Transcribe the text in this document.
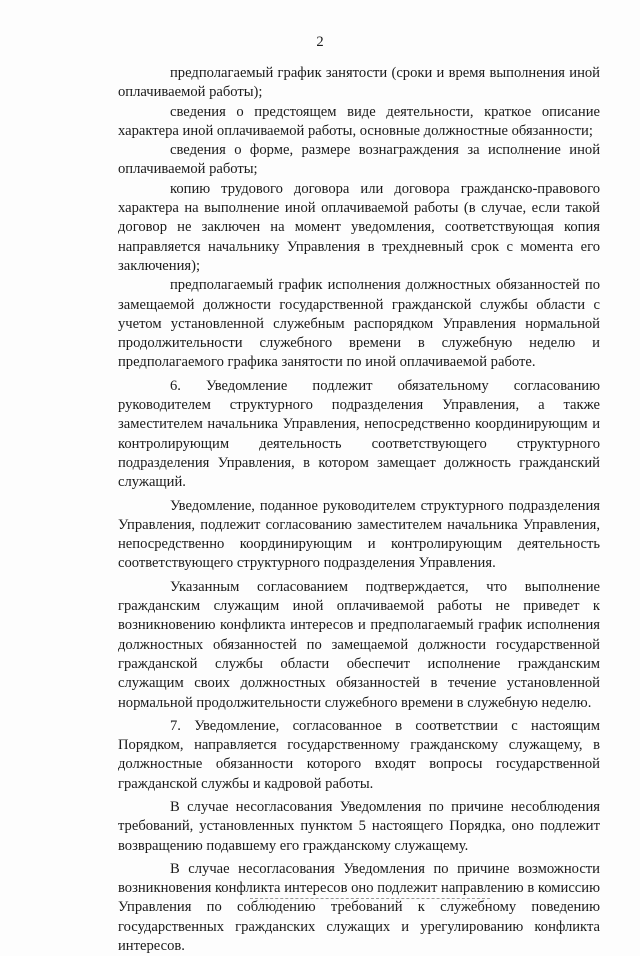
2

предполагаемый график занятости (сроки и время выполнения иной оплачиваемой работы);

сведения о предстоящем виде деятельности, краткое описание характера иной оплачиваемой работы, основные должностные обязанности;

сведения о форме, размере вознаграждения за исполнение иной оплачиваемой работы;

копию трудового договора или договора гражданско-правового характера на выполнение иной оплачиваемой работы (в случае, если такой договор не заключен на момент уведомления, соответствующая копия направляется начальнику Управления в трехдневный срок с момента его заключения);

предполагаемый график исполнения должностных обязанностей по замещаемой должности государственной гражданской службы области с учетом установленной служебным распорядком Управления нормальной продолжительности служебного времени в служебную неделю и предполагаемого графика занятости по иной оплачиваемой работе.

6. Уведомление подлежит обязательному согласованию руководителем структурного подразделения Управления, а также заместителем начальника Управления, непосредственно координирующим и контролирующим деятельность соответствующего структурного подразделения Управления, в котором замещает должность гражданский служащий.

Уведомление, поданное руководителем структурного подразделения Управления, подлежит согласованию заместителем начальника Управления, непосредственно координирующим и контролирующим деятельность соответствующего структурного подразделения Управления.

Указанным согласованием подтверждается, что выполнение гражданским служащим иной оплачиваемой работы не приведет к возникновению конфликта интересов и предполагаемый график исполнения должностных обязанностей по замещаемой должности государственной гражданской службы области обеспечит исполнение гражданским служащим своих должностных обязанностей в течение установленной нормальной продолжительности служебного времени в служебную неделю.

7. Уведомление, согласованное в соответствии с настоящим Порядком, направляется государственному гражданскому служащему, в должностные обязанности которого входят вопросы государственной гражданской службы и кадровой работы.

В случае несогласования Уведомления по причине несоблюдения требований, установленных пунктом 5 настоящего Порядка, оно подлежит возвращению подавшему его гражданскому служащему.

В случае несогласования Уведомления по причине возможности возникновения конфликта интересов оно подлежит направлению в комиссию Управления по соблюдению требований к служебному поведению государственных гражданских служащих и урегулированию конфликта интересов.
